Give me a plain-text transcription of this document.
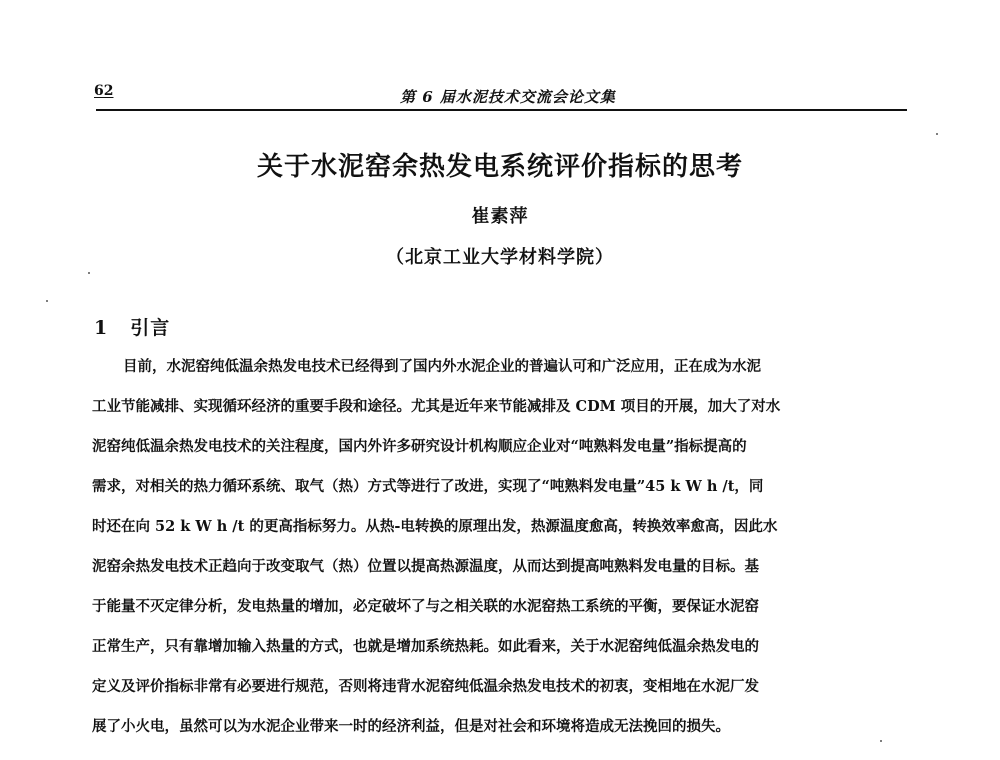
62	第 6 届水泥技术交流会论文集
关于水泥窑余热发电系统评价指标的思考
崔素萍
（北京工业大学材料学院）
1 引言
目前，水泥窑纯低温余热发电技术已经得到了国内外水泥企业的普遍认可和广泛应用，正在成为水泥
工业节能减排、实现循环经济的重要手段和途径。尤其是近年来节能减排及 CDM 项目的开展，加大了对水
泥窑纯低温余热发电技术的关注程度，国内外许多研究设计机构顺应企业对“吨熟料发电量”指标提高的
需求，对相关的热力循环系统、取气（热）方式等进行了改进，实现了“吨熟料发电量”45 k W h /t，同
时还在向 52 k W h /t 的更高指标努力。从热-电转换的原理出发，热源温度愈高，转换效率愈高，因此水
泥窑余热发电技术正趋向于改变取气（热）位置以提高热源温度，从而达到提高吨熟料发电量的目标。基
于能量不灭定律分析，发电热量的增加，必定破坏了与之相关联的水泥窑热工系统的平衡，要保证水泥窑
正常生产，只有靠增加输入热量的方式，也就是增加系统热耗。如此看来，关于水泥窑纯低温余热发电的
定义及评价指标非常有必要进行规范，否则将违背水泥窑纯低温余热发电技术的初衷，变相地在水泥厂发
展了小火电，虽然可以为水泥企业带来一时的经济利益，但是对社会和环境将造成无法挽回的损失。
